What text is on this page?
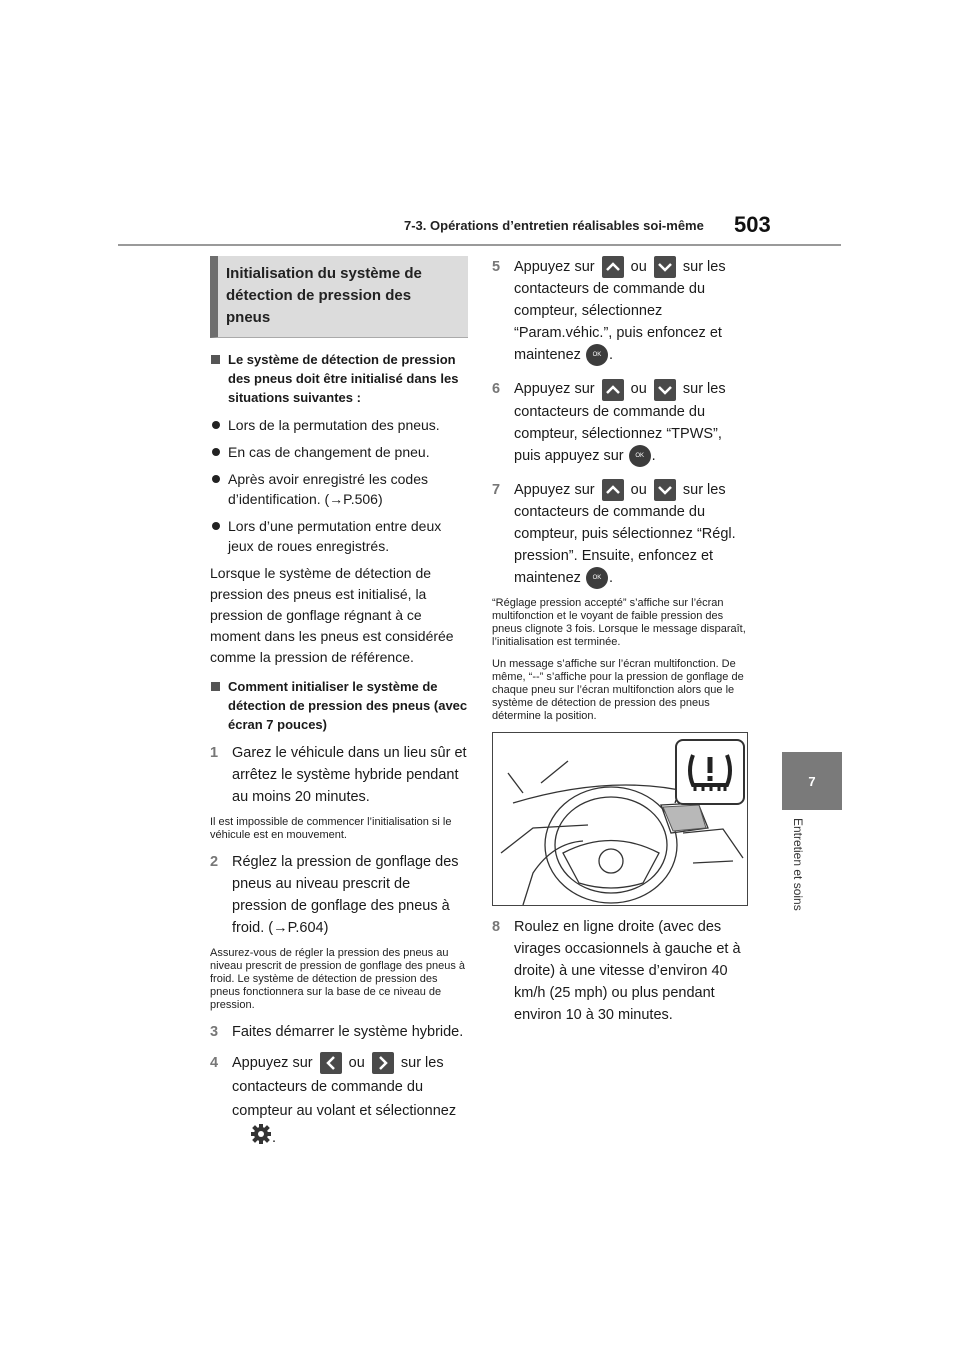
7-3. Opérations d’entretien réalisables soi-même 503
7
Entretien et soins
Initialisation du système de détection de pression des pneus
Le système de détection de pression des pneus doit être initialisé dans les situations suivantes :
Lors de la permutation des pneus.
En cas de changement de pneu.
Après avoir enregistré les codes d’identification. (→P.506)
Lors d’une permutation entre deux jeux de roues enregistrés.
Lorsque le système de détection de pression des pneus est initialisé, la pression de gonflage régnant à ce moment dans les pneus est considérée comme la pression de référence.
Comment initialiser le système de détection de pression des pneus (avec écran 7 pouces)
1 Garez le véhicule dans un lieu sûr et arrêtez le système hybride pendant au moins 20 minutes.
Il est impossible de commencer l’initialisation si le véhicule est en mouvement.
2 Réglez la pression de gonflage des pneus au niveau prescrit de pression de gonflage des pneus à froid. (→P.604)
Assurez-vous de régler la pression des pneus au niveau prescrit de pression de gonflage des pneus à froid. Le système de détection de pression des pneus fonctionnera sur la base de ce niveau de pression.
3 Faites démarrer le système hybride.
4 Appuyez sur ou sur les contacteurs de commande du compteur au volant et sélectionnez
.
5 Appuyez sur ou sur les contacteurs de commande du compteur, sélectionnez “Param.véhic.”, puis enfoncez et maintenez OK .
6 Appuyez sur ou sur les contacteurs de commande du compteur, sélectionnez “TPWS”, puis appuyez sur OK .
7 Appuyez sur ou sur les contacteurs de commande du compteur, puis sélectionnez “Régl. pression”. Ensuite, enfoncez et maintenez OK .
“Réglage pression accepté” s’affiche sur l’écran multifonction et le voyant de faible pression des pneus clignote 3 fois. Lorsque le message disparaît, l’initialisation est terminée.
Un message s’affiche sur l’écran multifonction. De même, “--” s’affiche pour la pression de gonflage de chaque pneu sur l’écran multifonction alors que le système de détection de pression des pneus détermine la position.
8 Roulez en ligne droite (avec des virages occasionnels à gauche et à droite) à une vitesse d’environ 40 km/h (25 mph) ou plus pendant environ 10 à 30 minutes.
